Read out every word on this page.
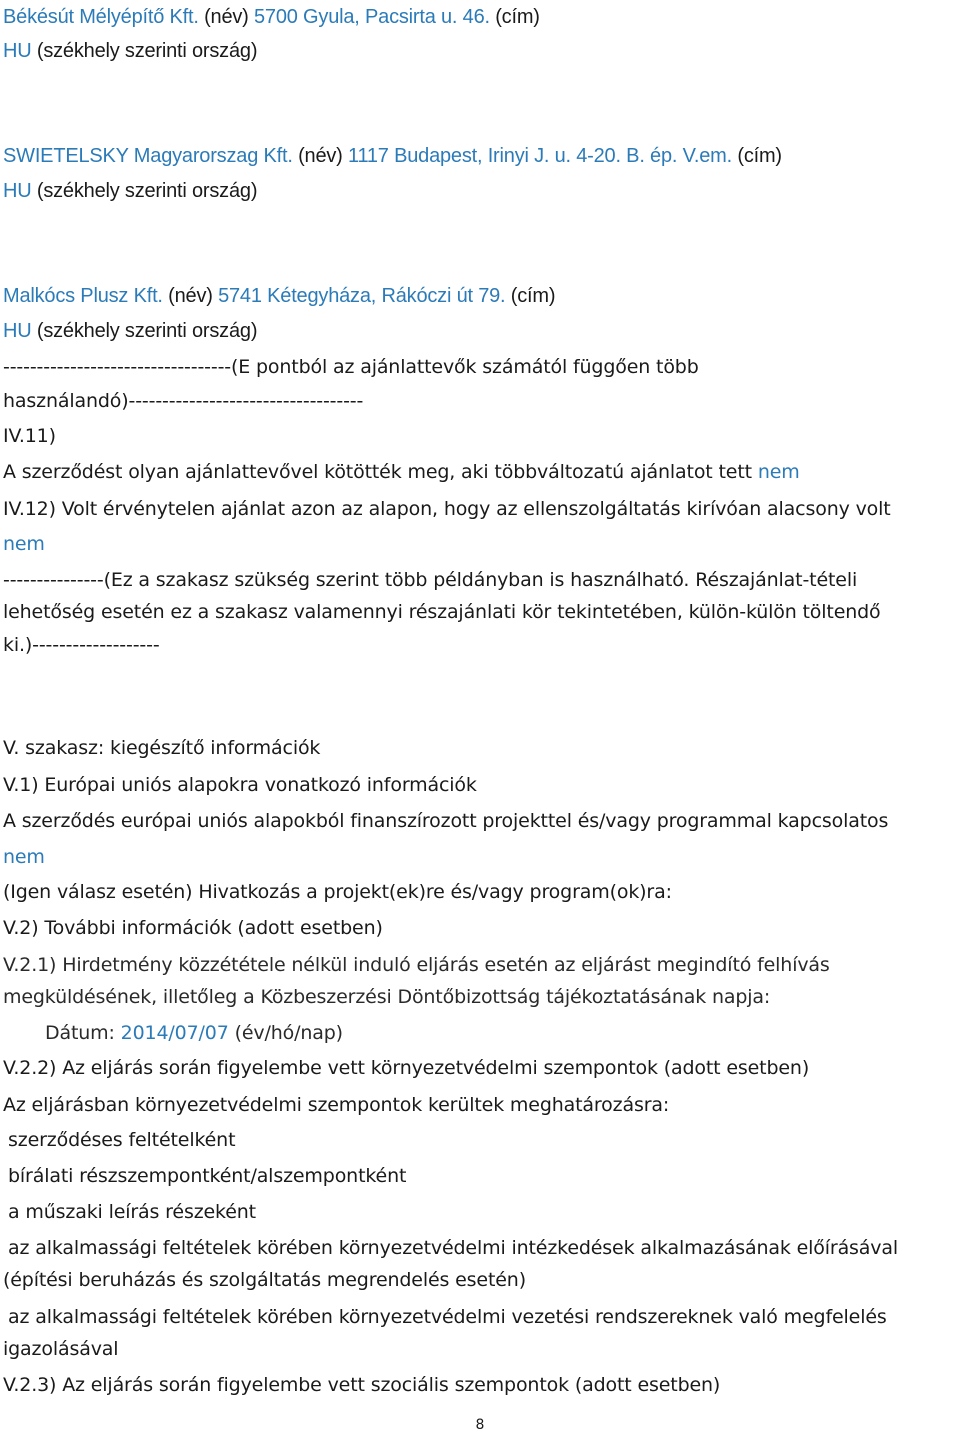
Békésút Mélyépítő Kft. (név) 5700 Gyula, Pacsirta u. 46. (cím)
HU (székhely szerinti ország)
SWIETELSKY Magyarorszag Kft. (név) 1117 Budapest, Irinyi J. u. 4-20. B. ép. V.em. (cím)
HU (székhely szerinti ország)
Malkócs Plusz Kft. (név) 5741 Kétegyháza, Rákóczi út 79. (cím)
HU (székhely szerinti ország)
----------------------------------(E pontból az ajánlattevők számától függően több
használandó)-----------------------------------
IV.11)
A szerződést olyan ajánlattevővel kötötték meg, aki többváltozatú ajánlatot tett nem
IV.12) Volt érvénytelen ajánlat azon az alapon, hogy az ellenszolgáltatás kirívóan alacsony volt
nem
---------------(Ez a szakasz szükség szerint több példányban is használható. Részajánlat-tételi
lehetőség esetén ez a szakasz valamennyi részajánlati kör tekintetében, külön-külön töltendő
ki.)-------------------
V. szakasz: kiegészítő információk
V.1) Európai uniós alapokra vonatkozó információk
A szerződés európai uniós alapokból finanszírozott projekttel és/vagy programmal kapcsolatos
nem
(Igen válasz esetén) Hivatkozás a projekt(ek)re és/vagy program(ok)ra:
V.2) További információk (adott esetben)
V.2.1) Hirdetmény közzététele nélkül induló eljárás esetén az eljárást megindító felhívás
megküldésének, illetőleg a Közbeszerzési Döntőbizottság tájékoztatásának napja:
Dátum: 2014/07/07 (év/hó/nap)
V.2.2) Az eljárás során figyelembe vett környezetvédelmi szempontok (adott esetben)
Az eljárásban környezetvédelmi szempontok kerültek meghatározásra:
szerződéses feltételként
bírálati részszempontként/alszempontként
a műszaki leírás részeként
az alkalmassági feltételek körében környezetvédelmi intézkedések alkalmazásának előírásával
(építési beruházás és szolgáltatás megrendelés esetén)
az alkalmassági feltételek körében környezetvédelmi vezetési rendszereknek való megfelelés
igazolásával
V.2.3) Az eljárás során figyelembe vett szociális szempontok (adott esetben)
8
